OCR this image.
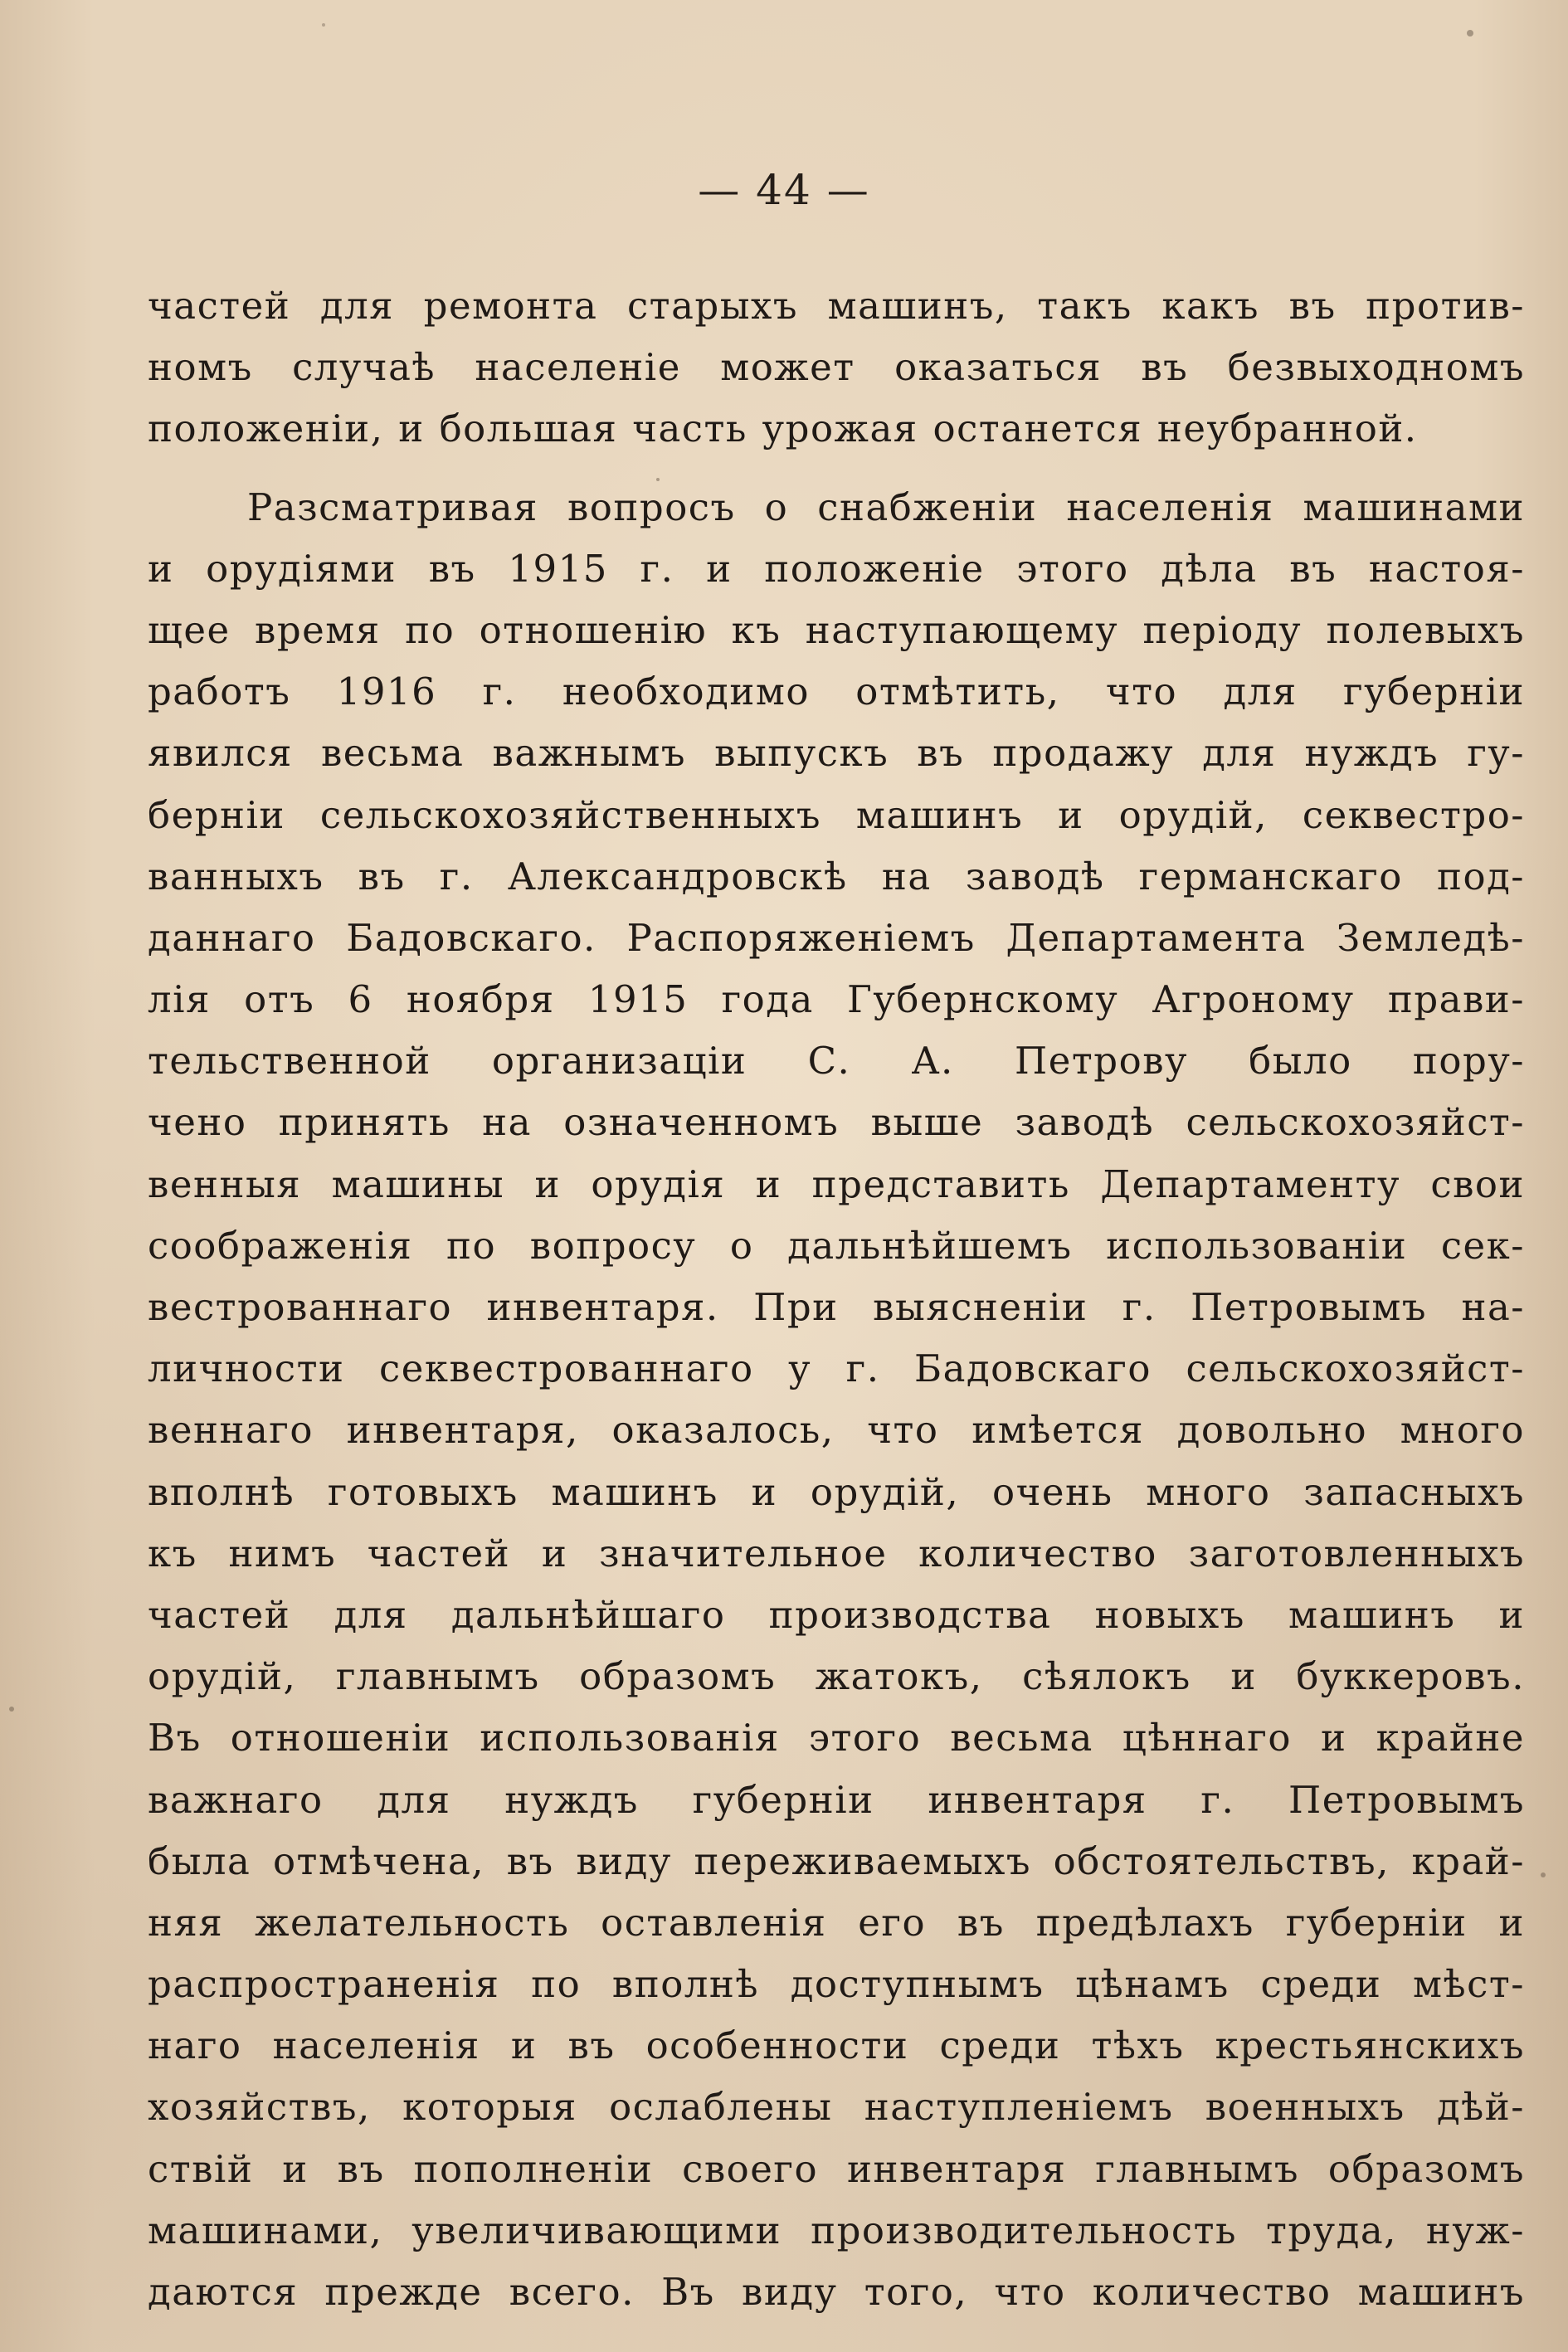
— 44 —
частей для ремонта старыхъ машинъ, такъ какъ въ против-
номъ случаѣ населеніе может оказаться въ безвыходномъ
положеніи, и большая часть урожая останется неубранной.
Разсматривая вопросъ о снабженіи населенія машинами
и орудіями въ 1915 г. и положеніе этого дѣла въ настоя-
щее время по отношенію къ наступающему періоду полевыхъ
работъ 1916 г. необходимо отмѣтить, что для губерніи
явился весьма важнымъ выпускъ въ продажу для нуждъ гу-
берніи сельскохозяйственныхъ машинъ и орудій, секвестро-
ванныхъ въ г. Александровскѣ на заводѣ германскаго под-
даннаго Бадовскаго. Распоряженіемъ Департамента Земледѣ-
лія отъ 6 ноября 1915 года Губернскому Агроному прави-
тельственной организаціи С. А. Петрову было пору-
чено принять на означенномъ выше заводѣ сельскохозяйст-
венныя машины и орудія и представить Департаменту свои
соображенія по вопросу о дальнѣйшемъ использованіи сек-
вестрованнаго инвентаря. При выясненіи г. Петровымъ на-
личности секвестрованнаго у г. Бадовскаго сельскохозяйст-
веннаго инвентаря, оказалось, что имѣется довольно много
вполнѣ готовыхъ машинъ и орудій, очень много запасныхъ
къ нимъ частей и значительное количество заготовленныхъ
частей для дальнѣйшаго производства новыхъ машинъ и
орудій, главнымъ образомъ жатокъ, сѣялокъ и буккеровъ.
Въ отношеніи использованія этого весьма цѣннаго и крайне
важнаго для нуждъ губерніи инвентаря г. Петровымъ
была отмѣчена, въ виду переживаемыхъ обстоятельствъ, край-
няя желательность оставленія его въ предѣлахъ губерніи и
распространенія по вполнѣ доступнымъ цѣнамъ среди мѣст-
наго населенія и въ особенности среди тѣхъ крестьянскихъ
хозяйствъ, которыя ослаблены наступленіемъ военныхъ дѣй-
ствій и въ пополненіи своего инвентаря главнымъ образомъ
машинами, увеличивающими производительность труда, нуж-
даются прежде всего. Въ виду того, что количество машинъ
